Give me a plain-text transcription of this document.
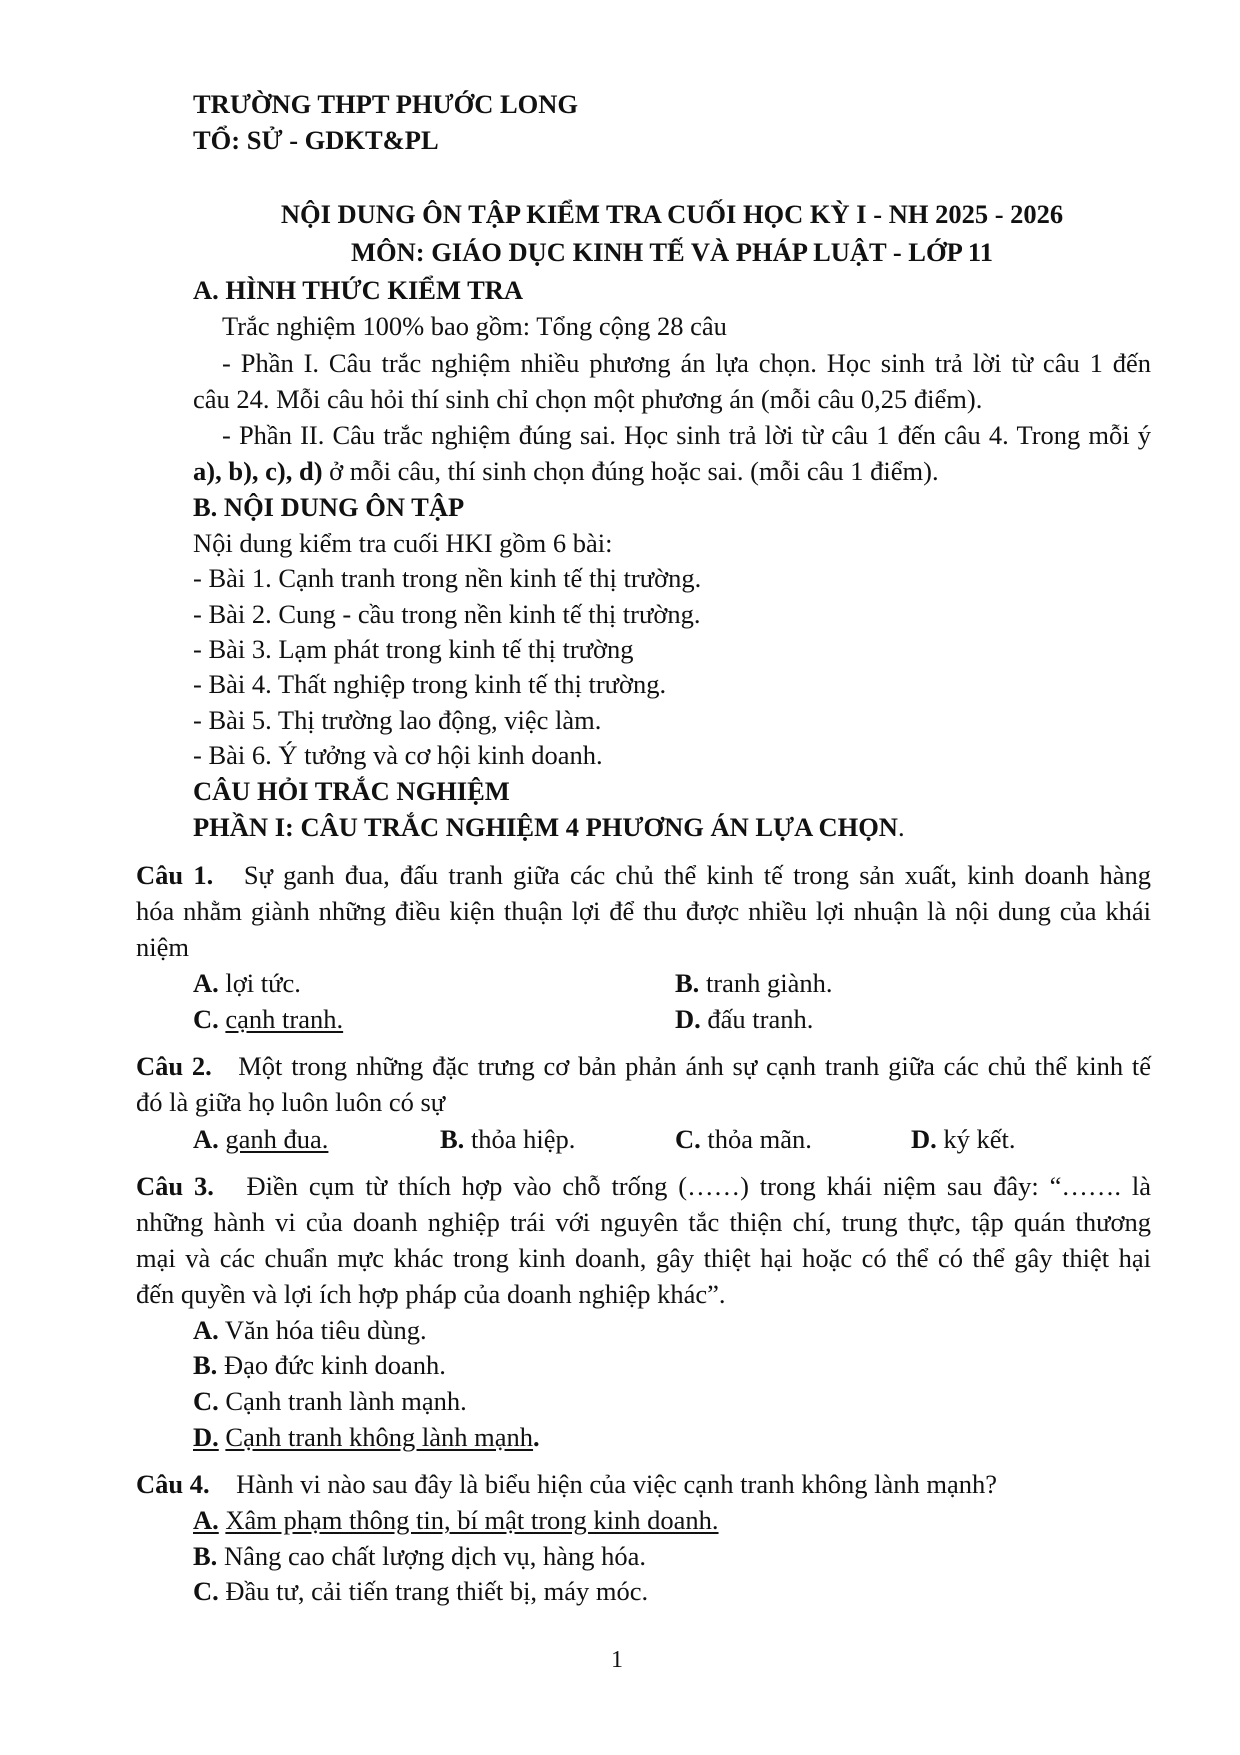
TRƯỜNG THPT PHƯỚC LONG
TỔ: SỬ - GDKT&PL
NỘI DUNG ÔN TẬP KIỂM TRA CUỐI HỌC KỲ I - NH 2025 - 2026
MÔN: GIÁO DỤC KINH TẾ VÀ PHÁP LUẬT - LỚP 11
A. HÌNH THỨC KIỂM TRA
Trắc nghiệm 100% bao gồm: Tổng cộng 28 câu
- Phần I. Câu trắc nghiệm nhiều phương án lựa chọn. Học sinh trả lời từ câu 1 đến
câu 24. Mỗi câu hỏi thí sinh chỉ chọn một phương án (mỗi câu 0,25 điểm).
- Phần II. Câu trắc nghiệm đúng sai. Học sinh trả lời từ câu 1 đến câu 4. Trong mỗi ý
a), b), c), d) ở mỗi câu, thí sinh chọn đúng hoặc sai. (mỗi câu 1 điểm).
B. NỘI DUNG ÔN TẬP
Nội dung kiểm tra cuối HKI gồm 6 bài:
- Bài 1. Cạnh tranh trong nền kinh tế thị trường.
- Bài 2. Cung - cầu trong nền kinh tế thị trường.
- Bài 3. Lạm phát trong kinh tế thị trường
- Bài 4. Thất nghiệp trong kinh tế thị trường.
- Bài 5. Thị trường lao động, việc làm.
- Bài 6. Ý tưởng và cơ hội kinh doanh.
CÂU HỎI TRẮC NGHIỆM
PHẦN I: CÂU TRẮC NGHIỆM 4 PHƯƠNG ÁN LỰA CHỌN.
Câu 1. Sự ganh đua, đấu tranh giữa các chủ thể kinh tế trong sản xuất, kinh doanh hàng
hóa nhằm giành những điều kiện thuận lợi để thu được nhiều lợi nhuận là nội dung của khái
niệm
A. lợi tức.	B. tranh giành.
C. cạnh tranh.	D. đấu tranh.
Câu 2. Một trong những đặc trưng cơ bản phản ánh sự cạnh tranh giữa các chủ thể kinh tế
đó là giữa họ luôn luôn có sự
A. ganh đua.	B. thỏa hiệp.	C. thỏa mãn.	D. ký kết.
Câu 3. Điền cụm từ thích hợp vào chỗ trống (……) trong khái niệm sau đây: “……. là
những hành vi của doanh nghiệp trái với nguyên tắc thiện chí, trung thực, tập quán thương
mại và các chuẩn mực khác trong kinh doanh, gây thiệt hại hoặc có thể có thể gây thiệt hại
đến quyền và lợi ích hợp pháp của doanh nghiệp khác”.
A. Văn hóa tiêu dùng.
B. Đạo đức kinh doanh.
C. Cạnh tranh lành mạnh.
D. Cạnh tranh không lành mạnh.
Câu 4. Hành vi nào sau đây là biểu hiện của việc cạnh tranh không lành mạnh?
A. Xâm phạm thông tin, bí mật trong kinh doanh.
B. Nâng cao chất lượng dịch vụ, hàng hóa.
C. Đầu tư, cải tiến trang thiết bị, máy móc.
1
